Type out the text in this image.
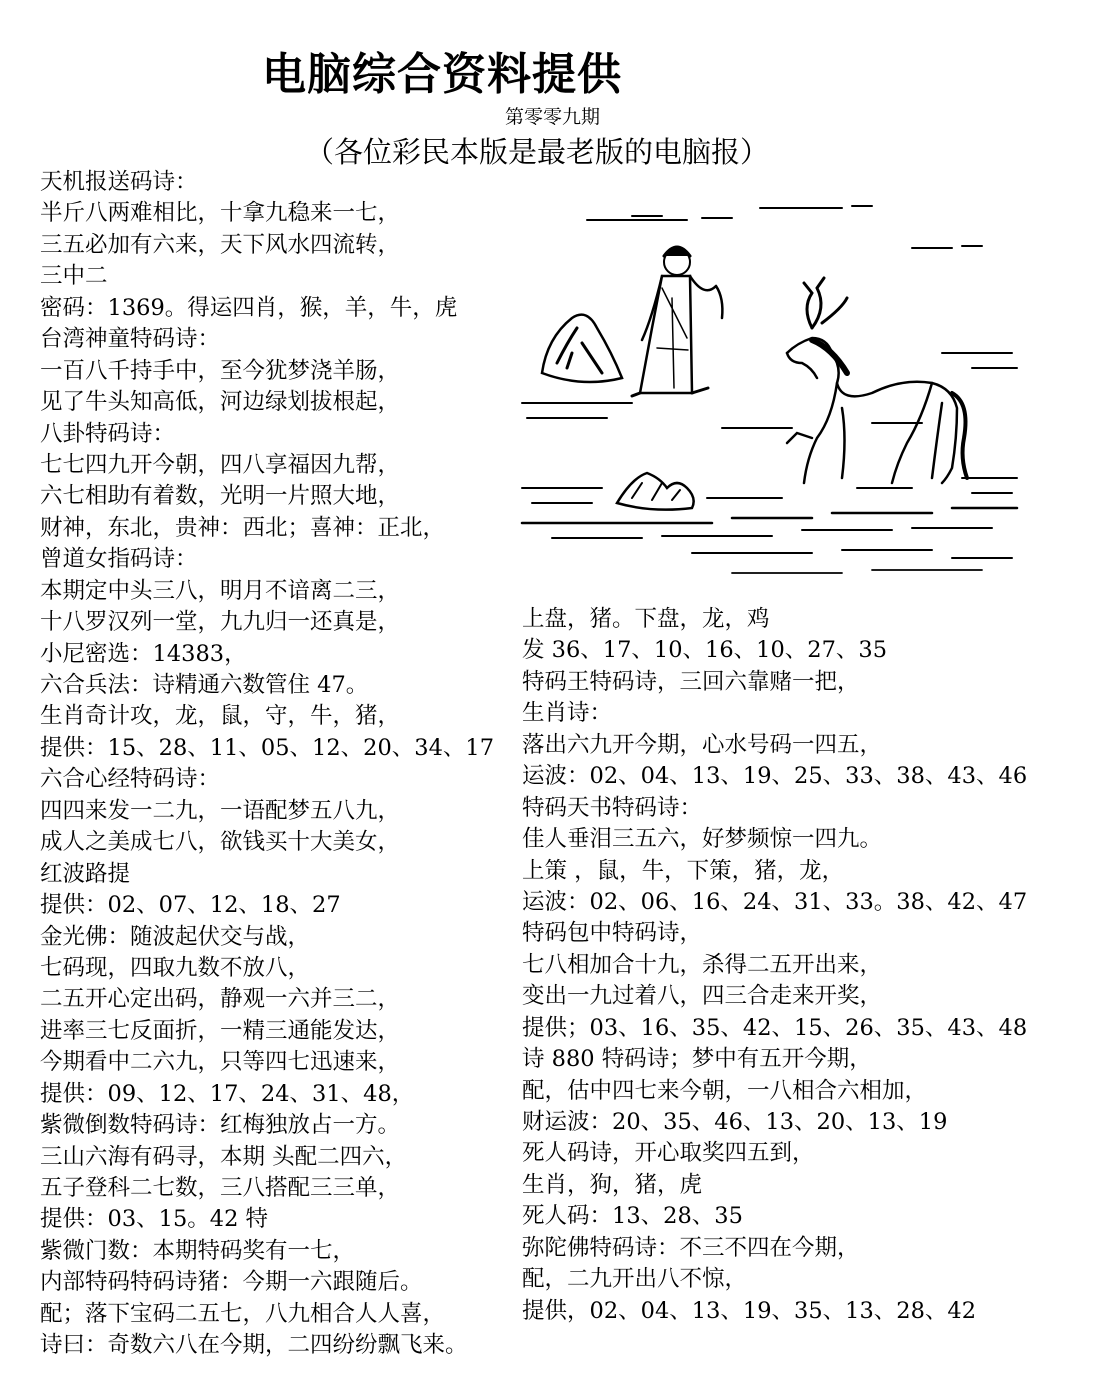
电脑综合资料提供
第零零九期
（各位彩民本版是最老版的电脑报）
天机报送码诗：
半斤八两难相比，十拿九稳来一七，
三五必加有六来，天下风水四流转，
三中二
密码：1369。得运四肖，猴，羊，牛，虎
台湾神童特码诗：
一百八千持手中，至今犹梦浇羊肠，
见了牛头知高低，河边绿划拔根起，
八卦特码诗：
七七四九开今朝，四八享福因九帮，
六七相助有着数，光明一片照大地，
财神，东北，贵神：西北；喜神：正北，
曾道女指码诗：
本期定中头三八，明月不谙离二三，
十八罗汉列一堂，九九归一还真是，
小尼密选：14383，
六合兵法：诗精通六数管住 47。
生肖奇计攻，龙，鼠，守，牛，猪，
提供：15、28、11、05、12、20、34、17
六合心经特码诗：
四四来发一二九，一语配梦五八九，
成人之美成七八，欲钱买十大美女，
红波路提
提供：02、07、12、18、27
金光佛：随波起伏交与战，
七码现，四取九数不放八，
二五开心定出码，静观一六并三二，
进率三七反面折，一精三通能发达，
今期看中二六九，只等四七迅速来，
提供：09、12、17、24、31、48，
紫微倒数特码诗：红梅独放占一方。
三山六海有码寻，本期 头配二四六，
五子登科二七数，三八搭配三三单，
提供：03、15。42 特
紫微门数：本期特码奖有一七，
内部特码特码诗猪：今期一六跟随后。
配；落下宝码二五七，八九相合人人喜，
诗曰：奇数六八在今期，二四纷纷飘飞来。
上盘，猪。下盘，龙，鸡
发 36、17、10、16、10、27、35
特码王特码诗，三回六靠赌一把，
生肖诗：
落出六九开今期，心水号码一四五，
运波：02、04、13、19、25、33、38、43、46
特码天书特码诗：
佳人垂泪三五六，好梦频惊一四九。
上策 ，鼠，牛，下策，猪，龙，
运波：02、06、16、24、31、33。38、42、47
特码包中特码诗，
七八相加合十九，杀得二五开出来，
变出一九过着八，四三合走来开奖，
提供；03、16、35、42、15、26、35、43、48
诗 880 特码诗；梦中有五开今期，
配，估中四七来今朝，一八相合六相加，
财运波：20、35、46、13、20、13、19
死人码诗，开心取奖四五到，
生肖，狗，猪，虎
死人码：13、28、35
弥陀佛特码诗：不三不四在今期，
配，二九开出八不惊，
提供，02、04、13、19、35、13、28、42
